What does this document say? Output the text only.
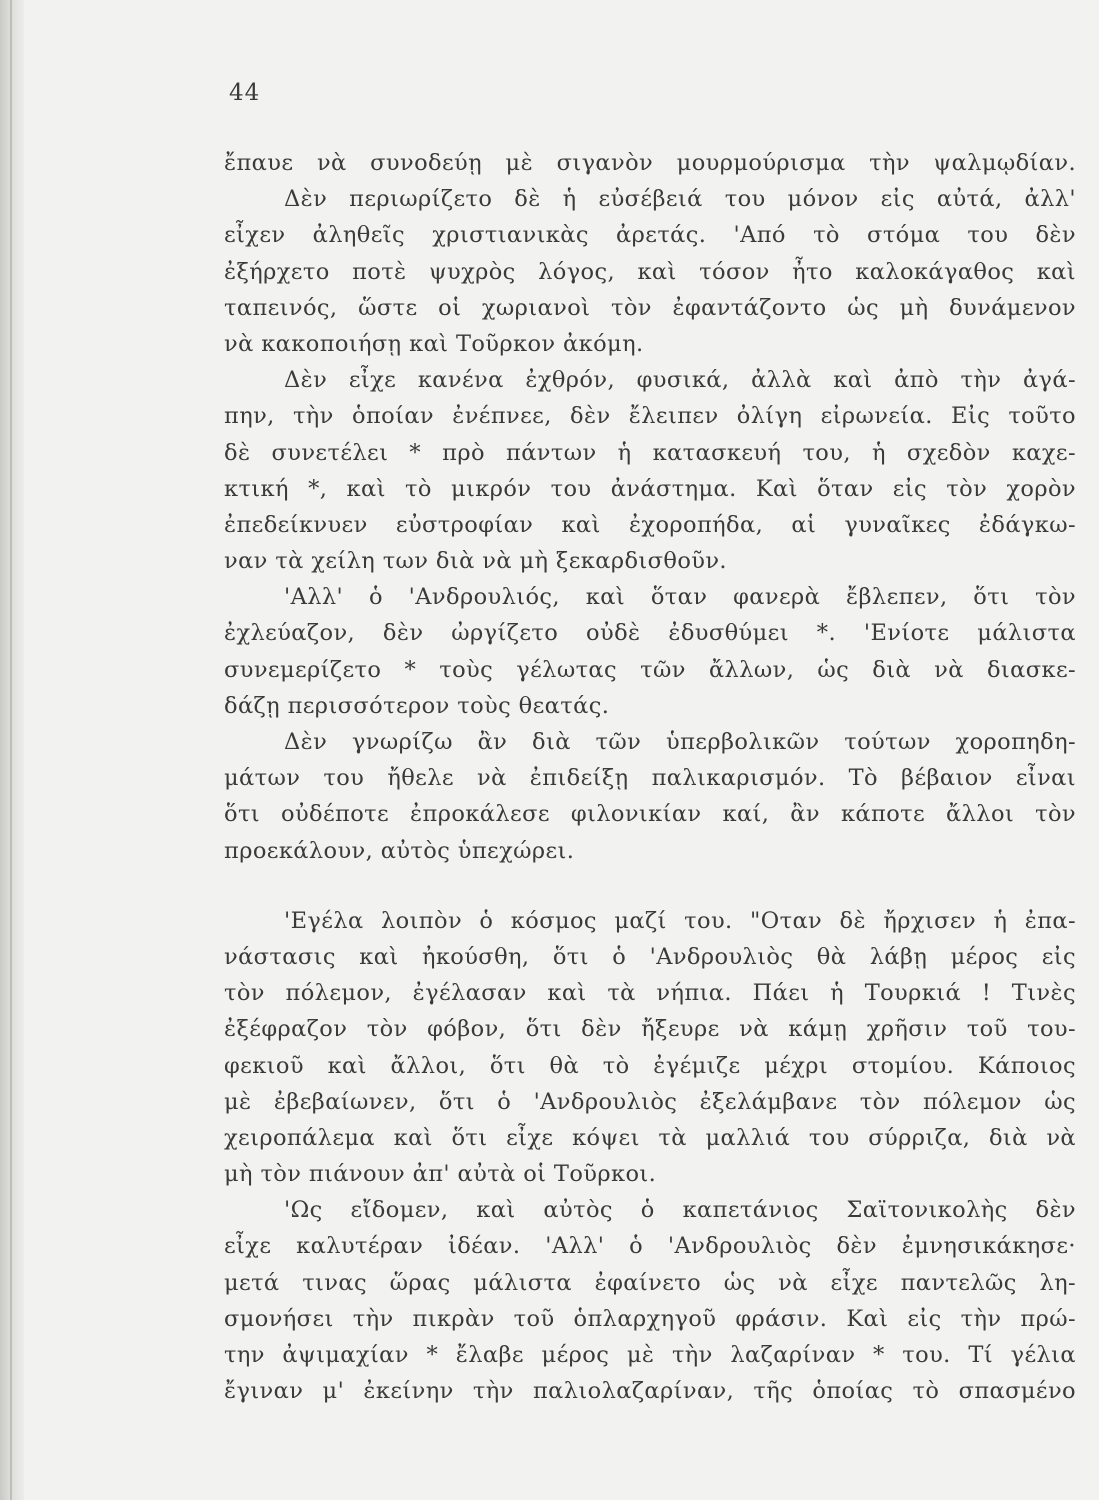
44
ἔπαυε νὰ συνοδεύῃ μὲ σιγανὸν μουρμούρισμα τὴν ψαλμῳδίαν.
Δὲν περιωρίζετο δὲ ἡ εὐσέβειά του μόνον εἰς αὐτά, ἀλλ'
εἶχεν ἀληθεῖς χριστιανικὰς ἀρετάς. 'Από τὸ στόμα του δὲν
ἐξήρχετο ποτὲ ψυχρὸς λόγος, καὶ τόσον ἦτο καλοκάγαθος καὶ
ταπεινός, ὥστε οἱ χωριανοὶ τὸν ἐφαντάζοντο ὡς μὴ δυνάμενον
νὰ κακοποιήσῃ καὶ Τοῦρκον ἀκόμη.
Δὲν εἶχε κανένα ἐχθρόν, φυσικά, ἀλλὰ καὶ ἀπὸ τὴν ἀγά-
πην, τὴν ὁποίαν ἐνέπνεε, δὲν ἔλειπεν ὀλίγη εἰρωνεία. Εἰς τοῦτο
δὲ συνετέλει * πρὸ πάντων ἡ κατασκευή του, ἡ σχεδὸν καχε-
κτική *, καὶ τὸ μικρόν του ἀνάστημα. Καὶ ὅταν εἰς τὸν χορὸν
ἐπεδείκνυεν εὐστροφίαν καὶ ἐχοροπήδα, αἱ γυναῖκες ἐδάγκω-
ναν τὰ χείλη των διὰ νὰ μὴ ξεκαρδισθοῦν.
'Αλλ' ὁ 'Ανδρουλιός, καὶ ὅταν φανερὰ ἔβλεπεν, ὅτι τὸν
ἐχλεύαζον, δὲν ὠργίζετο οὐδὲ ἐδυσθύμει *. 'Ενίοτε μάλιστα
συνεμερίζετο * τοὺς γέλωτας τῶν ἄλλων, ὡς διὰ νὰ διασκε-
δάζῃ περισσότερον τοὺς θεατάς.
Δὲν γνωρίζω ἂν διὰ τῶν ὑπερβολικῶν τούτων χοροπηδη-
μάτων του ἤθελε νὰ ἐπιδείξῃ παλικαρισμόν. Τὸ βέβαιον εἶναι
ὅτι οὐδέποτε ἐπροκάλεσε φιλονικίαν καί, ἂν κάποτε ἄλλοι τὸν
προεκάλουν, αὐτὸς ὑπεχώρει.
'Εγέλα λοιπὸν ὁ κόσμος μαζί του. "Οταν δὲ ἤρχισεν ἡ ἐπα-
νάστασις καὶ ἠκούσθη, ὅτι ὁ 'Ανδρουλιὸς θὰ λάβῃ μέρος εἰς
τὸν πόλεμον, ἐγέλασαν καὶ τὰ νήπια. Πάει ἡ Τουρκιά ! Τινὲς
ἐξέφραζον τὸν φόβον, ὅτι δὲν ἤξευρε νὰ κάμῃ χρῆσιν τοῦ του-
φεκιοῦ καὶ ἄλλοι, ὅτι θὰ τὸ ἐγέμιζε μέχρι στομίου. Κάποιος
μὲ ἐβεβαίωνεν, ὅτι ὁ 'Ανδρουλιὸς ἐξελάμβανε τὸν πόλεμον ὡς
χειροπάλεμα καὶ ὅτι εἶχε κόψει τὰ μαλλιά του σύρριζα, διὰ νὰ
μὴ τὸν πιάνουν ἀπ' αὐτὰ οἱ Τοῦρκοι.
'Ως εἴδομεν, καὶ αὐτὸς ὁ καπετάνιος Σαϊτονικολὴς δὲν
εἶχε καλυτέραν ἰδέαν. 'Αλλ' ὁ 'Ανδρουλιὸς δὲν ἐμνησικάκησε·
μετά τινας ὥρας μάλιστα ἐφαίνετο ὡς νὰ εἶχε παντελῶς λη-
σμονήσει τὴν πικρὰν τοῦ ὁπλαρχηγοῦ φράσιν. Καὶ εἰς τὴν πρώ-
την ἀψιμαχίαν * ἔλαβε μέρος μὲ τὴν λαζαρίναν * του. Τί γέλια
ἔγιναν μ' ἐκείνην τὴν παλιολαζαρίναν, τῆς ὁποίας τὸ σπασμένο
